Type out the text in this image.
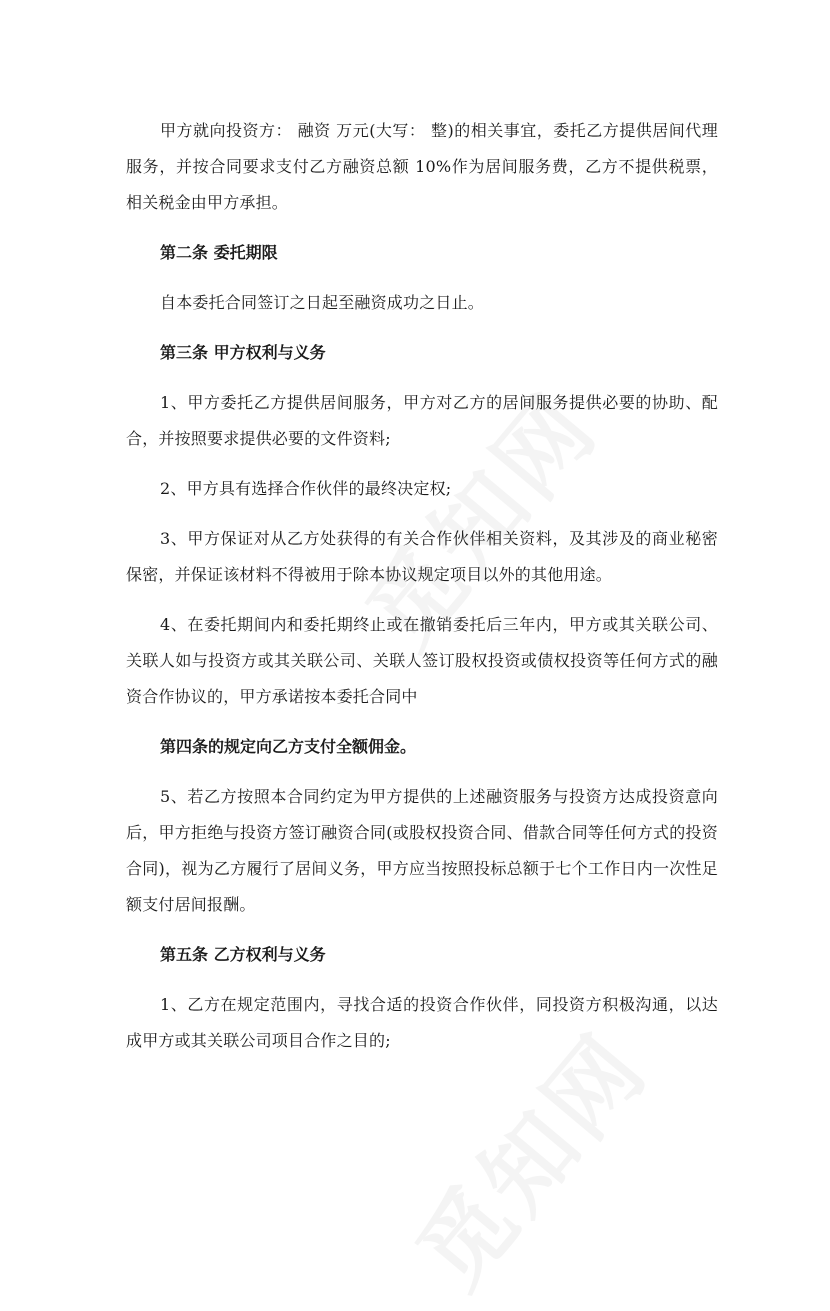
甲方就向投资方： 融资 万元(大写： 整)的相关事宜，委托乙方提供居间代理服务，并按合同要求支付乙方融资总额 10%作为居间服务费，乙方不提供税票，相关税金由甲方承担。

第二条 委托期限

自本委托合同签订之日起至融资成功之日止。

第三条 甲方权利与义务

1、甲方委托乙方提供居间服务，甲方对乙方的居间服务提供必要的协助、配合，并按照要求提供必要的文件资料;

2、甲方具有选择合作伙伴的最终决定权;

3、甲方保证对从乙方处获得的有关合作伙伴相关资料，及其涉及的商业秘密保密，并保证该材料不得被用于除本协议规定项目以外的其他用途。

4、在委托期间内和委托期终止或在撤销委托后三年内，甲方或其关联公司、关联人如与投资方或其关联公司、关联人签订股权投资或债权投资等任何方式的融资合作协议的，甲方承诺按本委托合同中

第四条的规定向乙方支付全额佣金。

5、若乙方按照本合同约定为甲方提供的上述融资服务与投资方达成投资意向后，甲方拒绝与投资方签订融资合同(或股权投资合同、借款合同等任何方式的投资合同)，视为乙方履行了居间义务，甲方应当按照投标总额于七个工作日内一次性足额支付居间报酬。

第五条 乙方权利与义务

1、乙方在规定范围内，寻找合适的投资合作伙伴，同投资方积极沟通，以达成甲方或其关联公司项目合作之目的;
